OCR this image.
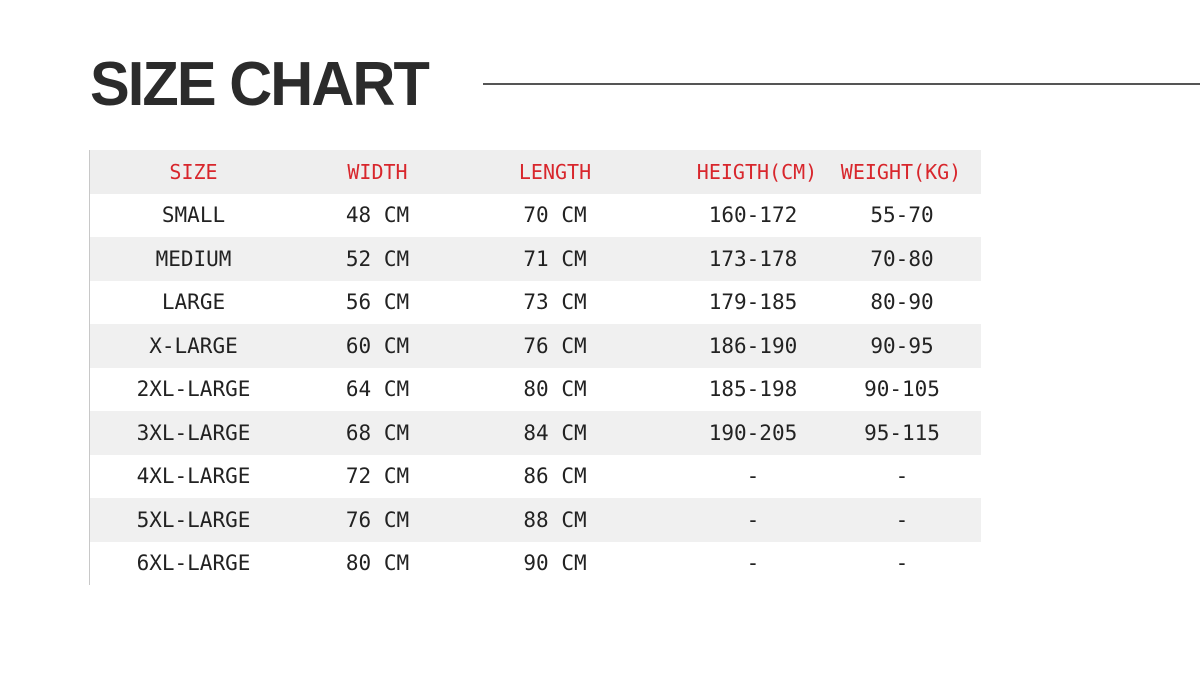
SIZE CHART
SIZE	WIDTH	LENGTH	HEIGTH(CM)	WEIGHT(KG)
SMALL	48 CM	70 CM	160-172	55-70
MEDIUM	52 CM	71 CM	173-178	70-80
LARGE	56 CM	73 CM	179-185	80-90
X-LARGE	60 CM	76 CM	186-190	90-95
2XL-LARGE	64 CM	80 CM	185-198	90-105
3XL-LARGE	68 CM	84 CM	190-205	95-115
4XL-LARGE	72 CM	86 CM	-	-
5XL-LARGE	76 CM	88 CM	-	-
6XL-LARGE	80 CM	90 CM	-	-
